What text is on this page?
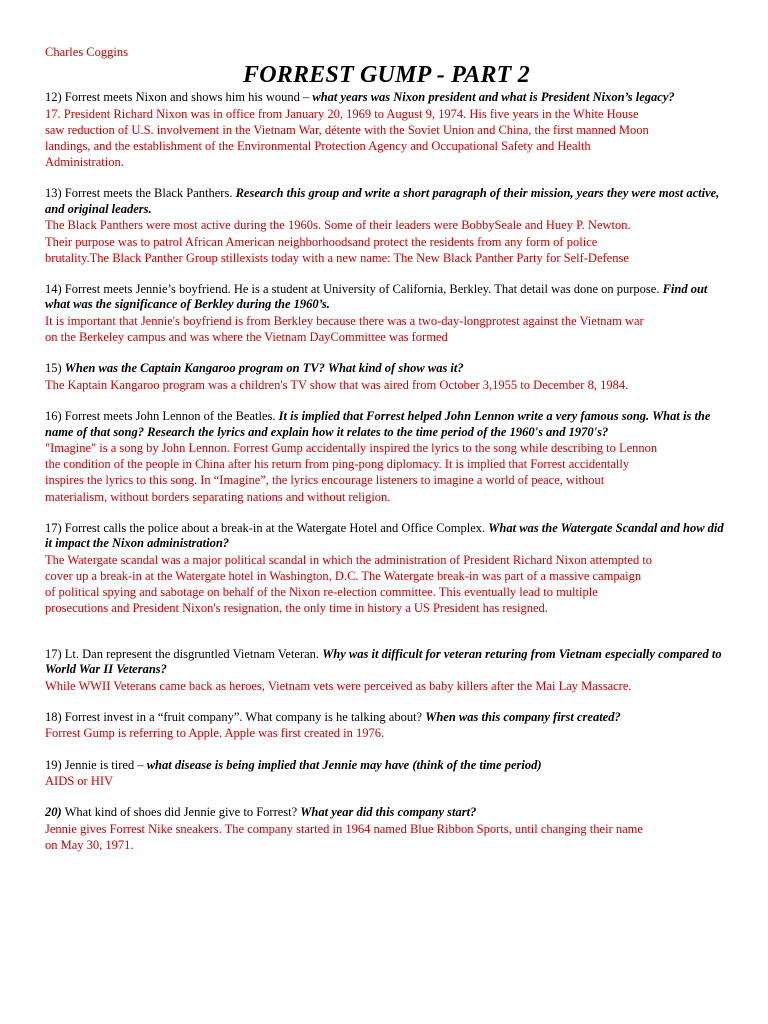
Charles Coggins

FORREST GUMP - PART 2

12) Forrest meets Nixon and shows him his wound – what years was Nixon president and what is President Nixon’s legacy?

17. President Richard Nixon was in office from January 20, 1969 to August 9, 1974. His five years in the White House
saw reduction of U.S. involvement in the Vietnam War, détente with the Soviet Union and China, the first manned Moon
landings, and the establishment of the Environmental Protection Agency and Occupational Safety and Health
Administration.

13) Forrest meets the Black Panthers. Research this group and write a short paragraph of their mission, years they were most active, and original leaders.

The Black Panthers were most active during the 1960s. Some of their leaders were BobbySeale and Huey P. Newton.
Their purpose was to patrol African American neighborhoodsand protect the residents from any form of police
brutality.The Black Panther Group stillexists today with a new name: The New Black Panther Party for Self-Defense

14) Forrest meets Jennie’s boyfriend. He is a student at University of California, Berkley. That detail was done on purpose. Find out what was the significance of Berkley during the 1960’s.

It is important that Jennie's boyfriend is from Berkley because there was a two-day-longprotest against the Vietnam war
on the Berkeley campus and was where the Vietnam DayCommittee was formed

15) When was the Captain Kangaroo program on TV? What kind of show was it?

The Kaptain Kangaroo program was a children's TV show that was aired from October 3,1955 to December 8, 1984.

16) Forrest meets John Lennon of the Beatles. It is implied that Forrest helped John Lennon write a very famous song. What is the name of that song? Research the lyrics and explain how it relates to the time period of the 1960's and 1970's?

"Imagine" is a song by John Lennon. Forrest Gump accidentally inspired the lyrics to the song while describing to Lennon
the condition of the people in China after his return from ping-pong diplomacy. It is implied that Forrest accidentally
inspires the lyrics to this song. In “Imagine”, the lyrics encourage listeners to imagine a world of peace, without
materialism, without borders separating nations and without religion.

17) Forrest calls the police about a break-in at the Watergate Hotel and Office Complex. What was the Watergate Scandal and how did it impact the Nixon administration?

The Watergate scandal was a major political scandal in which the administration of President Richard Nixon attempted to
cover up a break-in at the Watergate hotel in Washington, D.C. The Watergate break-in was part of a massive campaign
of political spying and sabotage on behalf of the Nixon re-election committee. This eventually lead to multiple
prosecutions and President Nixon's resignation, the only time in history a US President has resigned.

17) Lt. Dan represent the disgruntled Vietnam Veteran. Why was it difficult for veteran returing from Vietnam especially compared to World War II Veterans?

While WWII Veterans came back as heroes, Vietnam vets were perceived as baby killers after the Mai Lay Massacre.

18) Forrest invest in a “fruit company”. What company is he talking about? When was this company first created?

Forrest Gump is referring to Apple. Apple was first created in 1976.

19) Jennie is tired – what disease is being implied that Jennie may have (think of the time period)

AIDS or HIV

20) What kind of shoes did Jennie give to Forrest? What year did this company start?

Jennie gives Forrest Nike sneakers. The company started in 1964 named Blue Ribbon Sports, until changing their name
on May 30, 1971.
